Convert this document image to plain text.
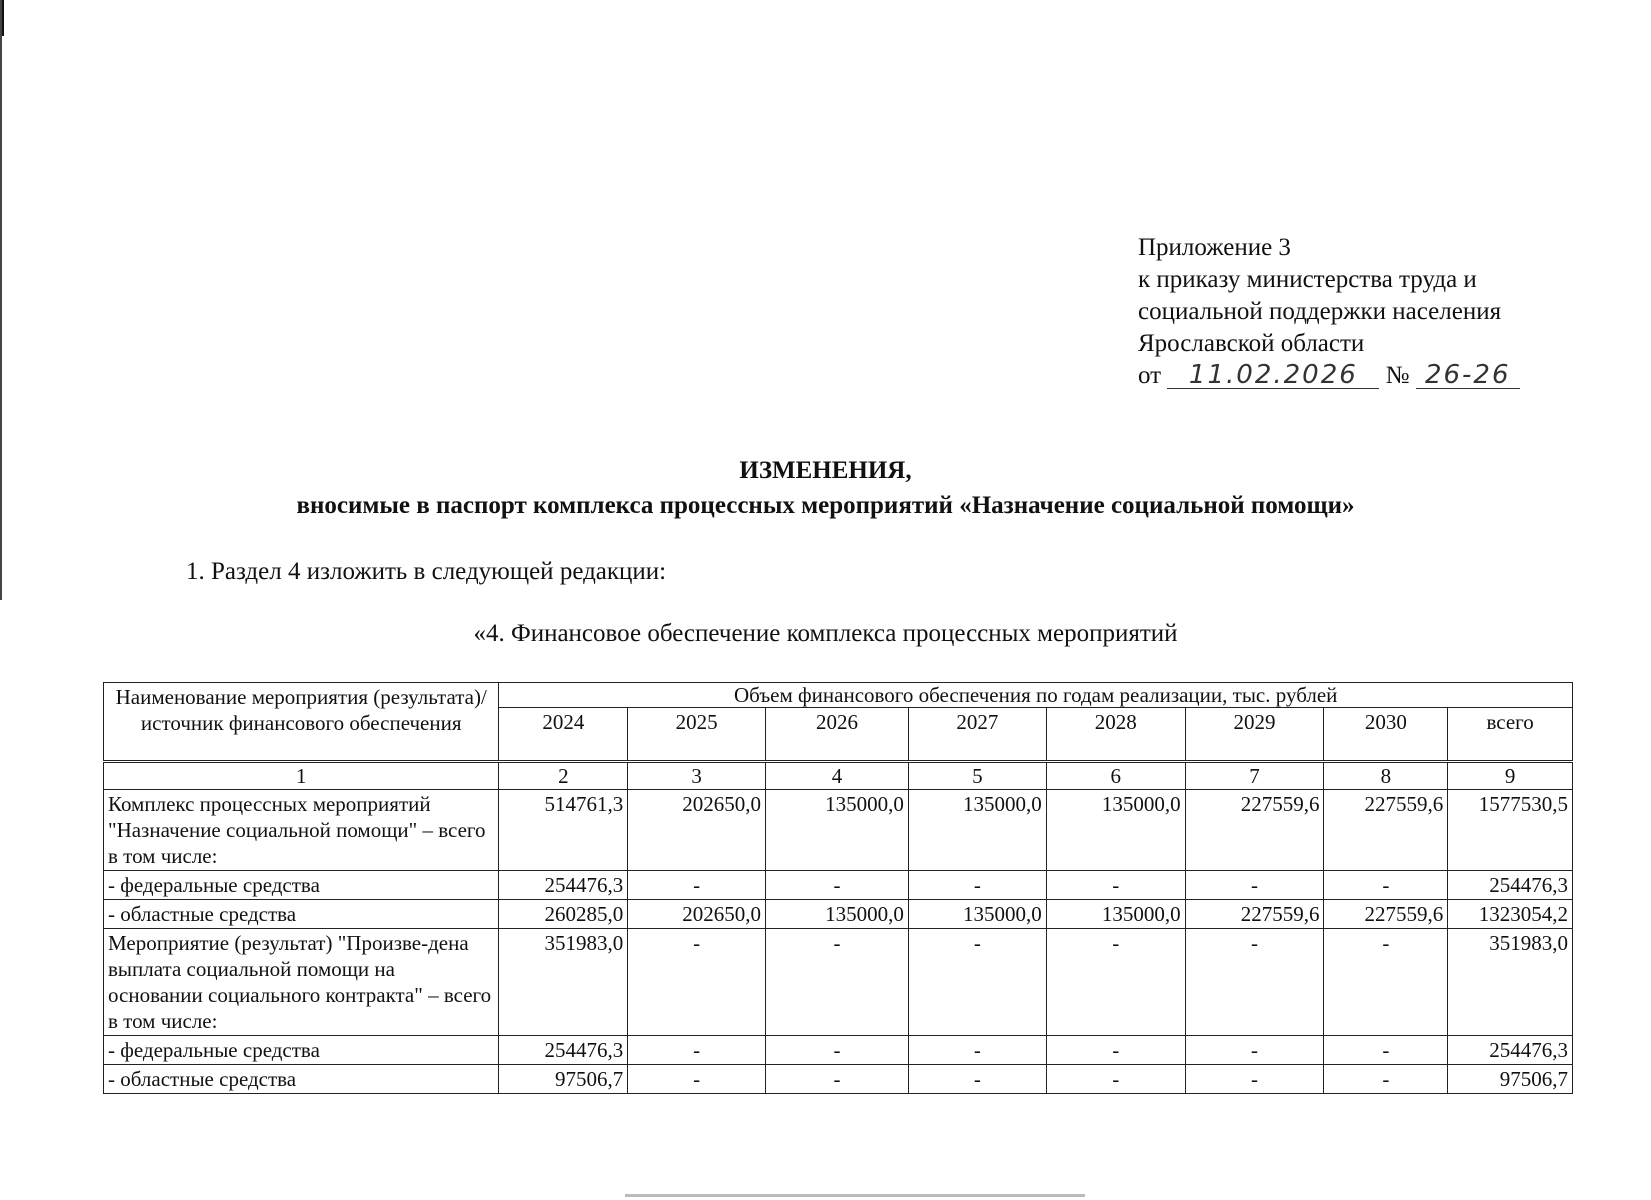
Приложение 3
к приказу министерства труда и
социальной поддержки населения
Ярославской области
от 11.02.2026 № 26-26
ИЗМЕНЕНИЯ,
вносимые в паспорт комплекса процессных мероприятий «Назначение социальной помощи»
1. Раздел 4 изложить в следующей редакции:
«4. Финансовое обеспечение комплекса процессных мероприятий
Наименование мероприятия (результата)/ источник финансового обеспечения	Объем финансового обеспечения по годам реализации, тыс. рублей							
	2024	2025	2026	2027	2028	2029	2030	всего
1	2	3	4	5	6	7	8	9
Комплекс процессных мероприятий "Назначение социальной помощи" – всего в том числе:	514761,3	202650,0	135000,0	135000,0	135000,0	227559,6	227559,6	1577530,5
- федеральные средства	254476,3	-	-	-	-	-	-	254476,3
- областные средства	260285,0	202650,0	135000,0	135000,0	135000,0	227559,6	227559,6	1323054,2
Мероприятие (результат) "Произве-дена выплата социальной помощи на основании социального контракта" – всего в том числе:	351983,0	-	-	-	-	-	-	351983,0
- федеральные средства	254476,3	-	-	-	-	-	-	254476,3
- областные средства	97506,7	-	-	-	-	-	-	97506,7
